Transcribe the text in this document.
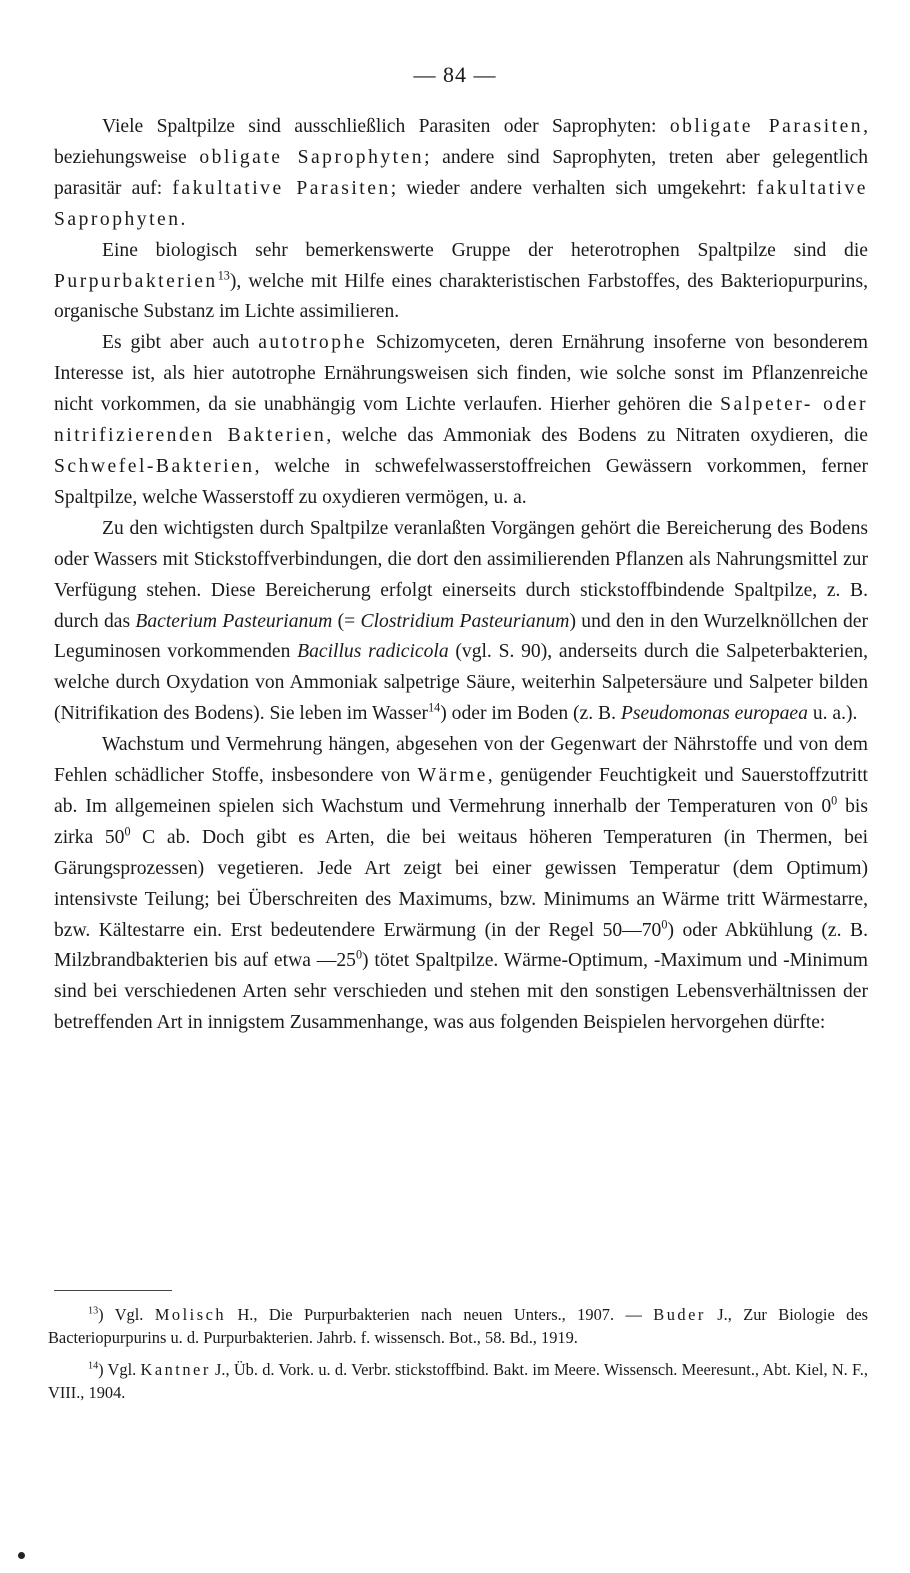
— 84 —

Viele Spaltpilze sind ausschließlich Parasiten oder Saprophyten: obligate Parasiten, beziehungsweise obligate Saprophyten; andere sind Saprophyten, treten aber gelegentlich parasitär auf: fakultative Parasiten; wieder andere verhalten sich umgekehrt: fakultative Saprophyten.

Eine biologisch sehr bemerkenswerte Gruppe der heterotrophen Spaltpilze sind die Purpurbakterien$^{13}$), welche mit Hilfe eines charakteristischen Farbstoffes, des Bakteriopurpurins, organische Substanz im Lichte assimilieren.

Es gibt aber auch autotrophe Schizomyceten, deren Ernährung insoferne von besonderem Interesse ist, als hier autotrophe Ernährungsweisen sich finden, wie solche sonst im Pflanzenreiche nicht vorkommen, da sie unabhängig vom Lichte verlaufen. Hierher gehören die Salpeter- oder nitrifizierenden Bakterien, welche das Ammoniak des Bodens zu Nitraten oxydieren, die Schwefel-Bakterien, welche in schwefelwasserstoffreichen Gewässern vorkommen, ferner Spaltpilze, welche Wasserstoff zu oxydieren vermögen, u. a.

Zu den wichtigsten durch Spaltpilze veranlaßten Vorgängen gehört die Bereicherung des Bodens oder Wassers mit Stickstoffverbindungen, die dort den assimilierenden Pflanzen als Nahrungsmittel zur Verfügung stehen. Diese Bereicherung erfolgt einerseits durch stickstoffbindende Spaltpilze, z. B. durch das Bacterium Pasteurianum (= Clostridium Pasteurianum) und den in den Wurzelknöllchen der Leguminosen vorkommenden Bacillus radicicola (vgl. S. 90), anderseits durch die Salpeterbakterien, welche durch Oxydation von Ammoniak salpetrige Säure, weiterhin Salpetersäure und Salpeter bilden (Nitrifikation des Bodens). Sie leben im Wasser$^{14}$) oder im Boden (z. B. Pseudomonas europaea u. a.).

Wachstum und Vermehrung hängen, abgesehen von der Gegenwart der Nährstoffe und von dem Fehlen schädlicher Stoffe, insbesondere von Wärme, genügender Feuchtigkeit und Sauerstoffzutritt ab. Im allgemeinen spielen sich Wachstum und Vermehrung innerhalb der Temperaturen von $0^0$ bis zirka $50^0$ C ab. Doch gibt es Arten, die bei weitaus höheren Temperaturen (in Thermen, bei Gärungsprozessen) vegetieren. Jede Art zeigt bei einer gewissen Temperatur (dem Optimum) intensivste Teilung; bei Überschreiten des Maximums, bzw. Minimums an Wärme tritt Wärmestarre, bzw. Kältestarre ein. Erst bedeutendere Erwärmung (in der Regel $50—70^0$) oder Abkühlung (z. B. Milzbrandbakterien bis auf etwa $—25^0$) tötet Spaltpilze. Wärme-Optimum, -Maximum und -Minimum sind bei verschiedenen Arten sehr verschieden und stehen mit den sonstigen Lebensverhältnissen der betreffenden Art in innigstem Zusammenhange, was aus folgenden Beispielen hervorgehen dürfte:

$^{13}$) Vgl. Molisch H., Die Purpurbakterien nach neuen Unters., 1907. — Buder J., Zur Biologie des Bacteriopurpurins u. d. Purpurbakterien. Jahrb. f. wissensch. Bot., 58. Bd., 1919.

$^{14}$) Vgl. Kantner J., Üb. d. Vork. u. d. Verbr. stickstoffbind. Bakt. im Meere. Wissensch. Meeresunt., Abt. Kiel, N. F., VIII., 1904.
